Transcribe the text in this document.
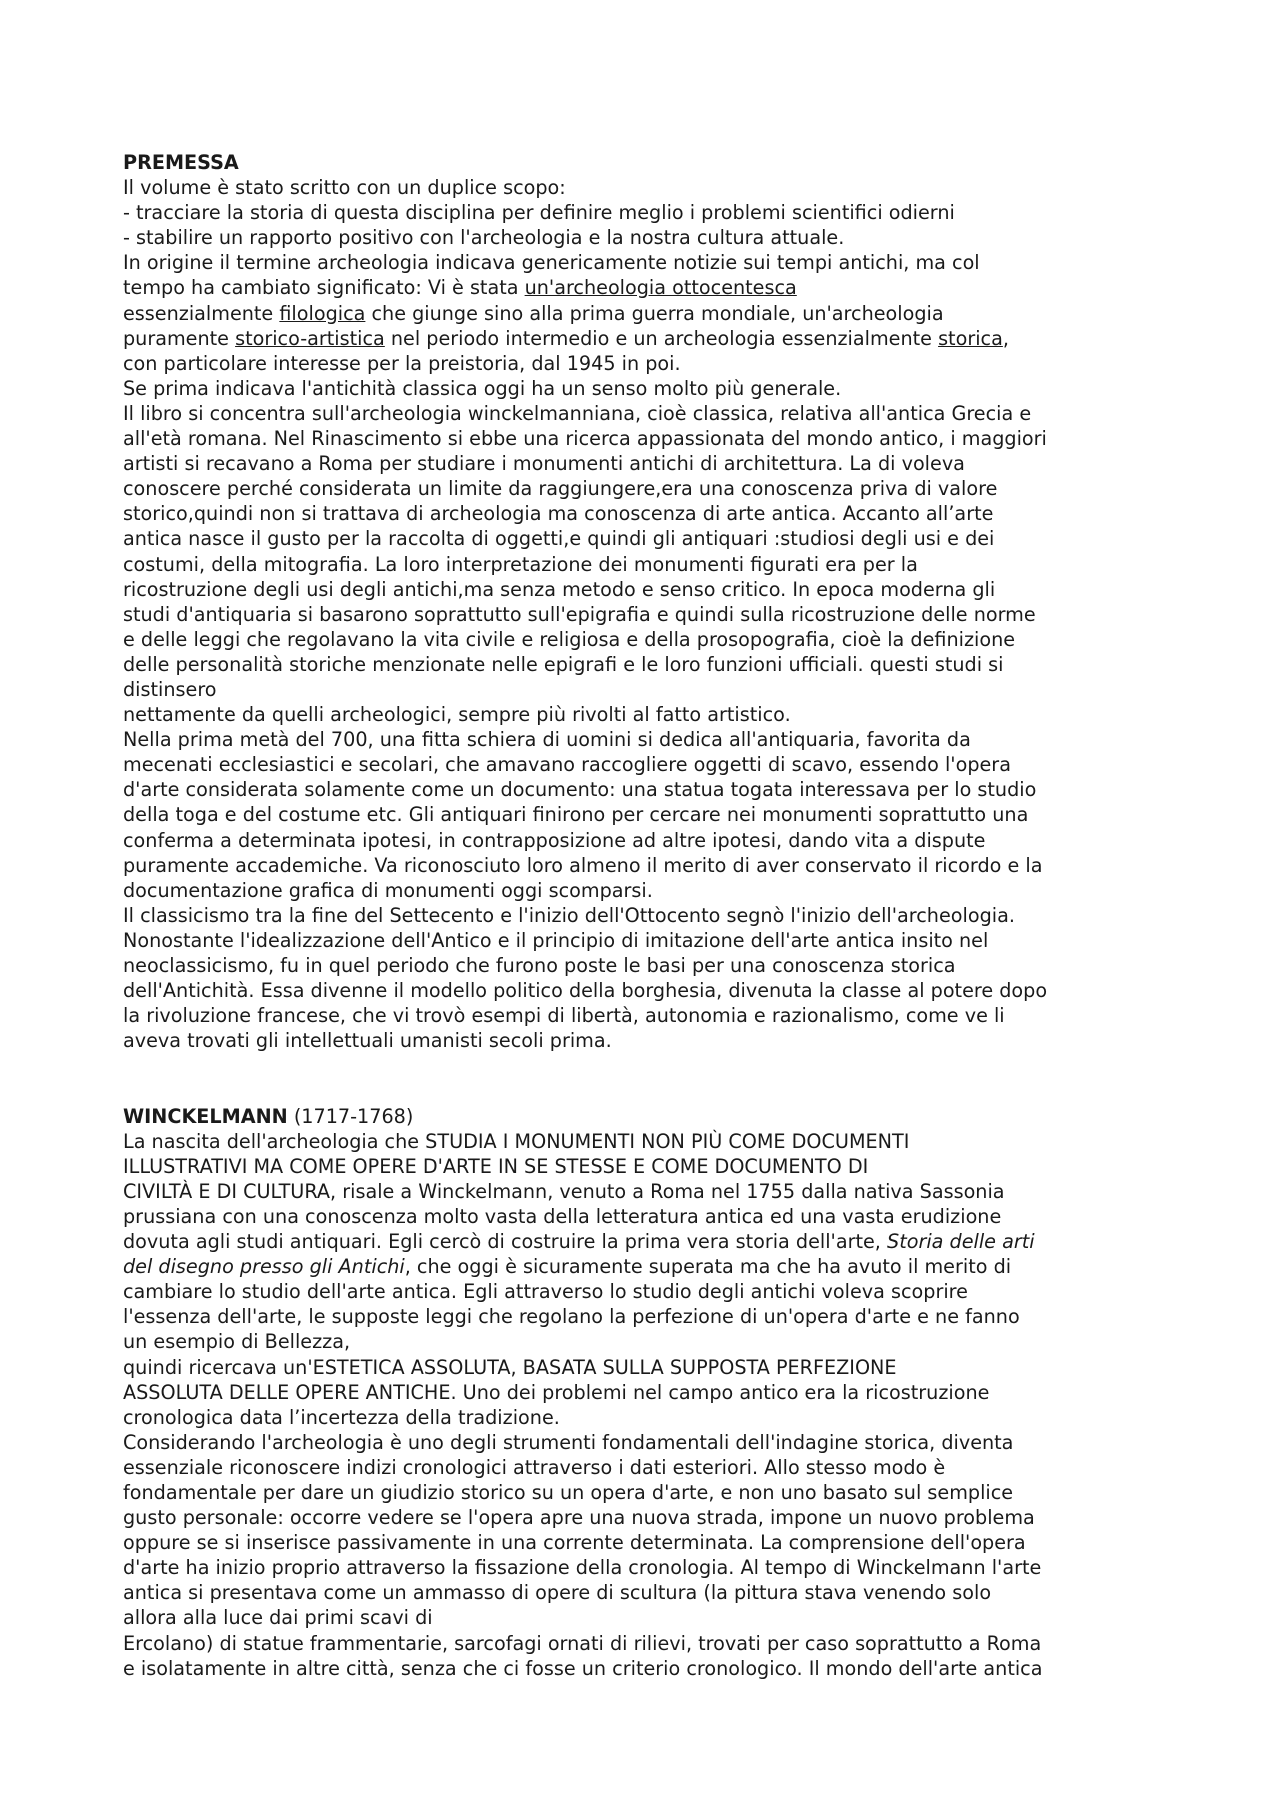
PREMESSA
Il volume è stato scritto con un duplice scopo:
- tracciare la storia di questa disciplina per definire meglio i problemi scientifici odierni
- stabilire un rapporto positivo con l'archeologia e la nostra cultura attuale.
In origine il termine archeologia indicava genericamente notizie sui tempi antichi, ma col
tempo ha cambiato significato: Vi è stata un'archeologia ottocentesca
essenzialmente filologica che giunge sino alla prima guerra mondiale, un'archeologia
puramente storico-artistica nel periodo intermedio e un archeologia essenzialmente storica,
con particolare interesse per la preistoria, dal 1945 in poi.
Se prima indicava l'antichità classica oggi ha un senso molto più generale.
Il libro si concentra sull'archeologia winckelmanniana, cioè classica, relativa all'antica Grecia e
all'età romana. Nel Rinascimento si ebbe una ricerca appassionata del mondo antico, i maggiori
artisti si recavano a Roma per studiare i monumenti antichi di architettura. La di voleva
conoscere perché considerata un limite da raggiungere,era una conoscenza priva di valore
storico,quindi non si trattava di archeologia ma conoscenza di arte antica. Accanto all’arte
antica nasce il gusto per la raccolta di oggetti,e quindi gli antiquari :studiosi degli usi e dei
costumi, della mitografia. La loro interpretazione dei monumenti figurati era per la
ricostruzione degli usi degli antichi,ma senza metodo e senso critico. In epoca moderna gli
studi d'antiquaria si basarono soprattutto sull'epigrafia e quindi sulla ricostruzione delle norme
e delle leggi che regolavano la vita civile e religiosa e della prosopografia, cioè la definizione
delle personalità storiche menzionate nelle epigrafi e le loro funzioni ufficiali. questi studi si
distinsero
nettamente da quelli archeologici, sempre più rivolti al fatto artistico.
Nella prima metà del 700, una fitta schiera di uomini si dedica all'antiquaria, favorita da
mecenati ecclesiastici e secolari, che amavano raccogliere oggetti di scavo, essendo l'opera
d'arte considerata solamente come un documento: una statua togata interessava per lo studio
della toga e del costume etc. Gli antiquari finirono per cercare nei monumenti soprattutto una
conferma a determinata ipotesi, in contrapposizione ad altre ipotesi, dando vita a dispute
puramente accademiche. Va riconosciuto loro almeno il merito di aver conservato il ricordo e la
documentazione grafica di monumenti oggi scomparsi.
Il classicismo tra la fine del Settecento e l'inizio dell'Ottocento segnò l'inizio dell'archeologia.
Nonostante l'idealizzazione dell'Antico e il principio di imitazione dell'arte antica insito nel
neoclassicismo, fu in quel periodo che furono poste le basi per una conoscenza storica
dell'Antichità. Essa divenne il modello politico della borghesia, divenuta la classe al potere dopo
la rivoluzione francese, che vi trovò esempi di libertà, autonomia e razionalismo, come ve li
aveva trovati gli intellettuali umanisti secoli prima.
WINCKELMANN (1717-1768)
La nascita dell'archeologia che STUDIA I MONUMENTI NON PIÙ COME DOCUMENTI
ILLUSTRATIVI MA COME OPERE D'ARTE IN SE STESSE E COME DOCUMENTO DI
CIVILTÀ E DI CULTURA, risale a Winckelmann, venuto a Roma nel 1755 dalla nativa Sassonia
prussiana con una conoscenza molto vasta della letteratura antica ed una vasta erudizione
dovuta agli studi antiquari. Egli cercò di costruire la prima vera storia dell'arte, Storia delle arti
del disegno presso gli Antichi, che oggi è sicuramente superata ma che ha avuto il merito di
cambiare lo studio dell'arte antica. Egli attraverso lo studio degli antichi voleva scoprire
l'essenza dell'arte, le supposte leggi che regolano la perfezione di un'opera d'arte e ne fanno
un esempio di Bellezza,
quindi ricercava un'ESTETICA ASSOLUTA, BASATA SULLA SUPPOSTA PERFEZIONE
ASSOLUTA DELLE OPERE ANTICHE. Uno dei problemi nel campo antico era la ricostruzione
cronologica data l’incertezza della tradizione.
Considerando l'archeologia è uno degli strumenti fondamentali dell'indagine storica, diventa
essenziale riconoscere indizi cronologici attraverso i dati esteriori. Allo stesso modo è
fondamentale per dare un giudizio storico su un opera d'arte, e non uno basato sul semplice
gusto personale: occorre vedere se l'opera apre una nuova strada, impone un nuovo problema
oppure se si inserisce passivamente in una corrente determinata. La comprensione dell'opera
d'arte ha inizio proprio attraverso la fissazione della cronologia. Al tempo di Winckelmann l'arte
antica si presentava come un ammasso di opere di scultura (la pittura stava venendo solo
allora alla luce dai primi scavi di
Ercolano) di statue frammentarie, sarcofagi ornati di rilievi, trovati per caso soprattutto a Roma
e isolatamente in altre città, senza che ci fosse un criterio cronologico. Il mondo dell'arte antica
